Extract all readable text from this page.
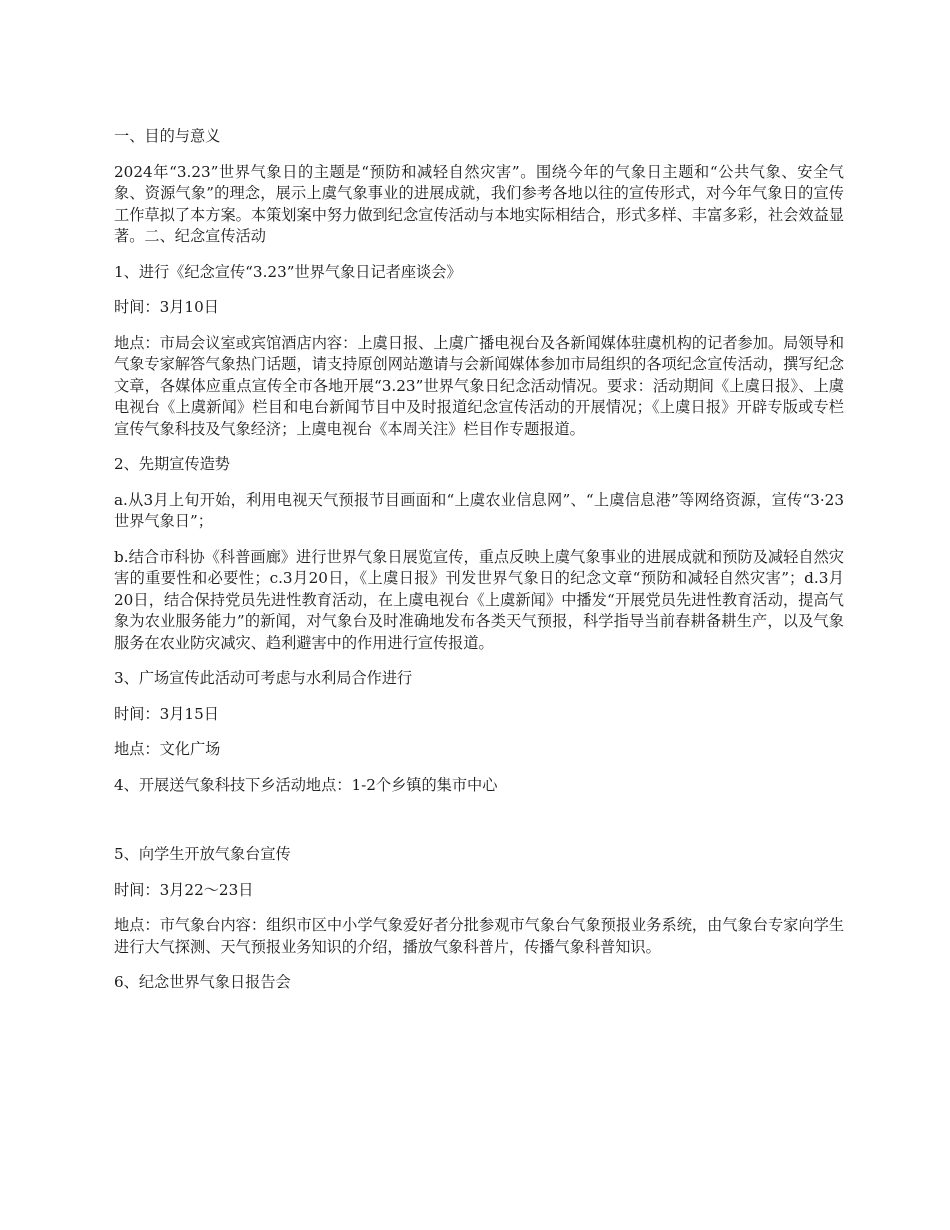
一、目的与意义

2024年“3.23”世界气象日的主题是“预防和减轻自然灾害”。围绕今年的气象日主题和“公共气象、安全气象、资源气象”的理念，展示上虞气象事业的进展成就，我们参考各地以往的宣传形式，对今年气象日的宣传工作草拟了本方案。本策划案中努力做到纪念宣传活动与本地实际相结合，形式多样、丰富多彩，社会效益显著。二、纪念宣传活动

1、进行《纪念宣传“3.23”世界气象日记者座谈会》

时间：3月10日

地点：市局会议室或宾馆酒店内容：上虞日报、上虞广播电视台及各新闻媒体驻虞机构的记者参加。局领导和气象专家解答气象热门话题，请支持原创网站邀请与会新闻媒体参加市局组织的各项纪念宣传活动，撰写纪念文章，各媒体应重点宣传全市各地开展“3.23”世界气象日纪念活动情况。要求：活动期间《上虞日报》、上虞电视台《上虞新闻》栏目和电台新闻节目中及时报道纪念宣传活动的开展情况；《上虞日报》开辟专版或专栏宣传气象科技及气象经济；上虞电视台《本周关注》栏目作专题报道。

2、先期宣传造势

a.从3月上旬开始，利用电视天气预报节目画面和“上虞农业信息网”、“上虞信息港”等网络资源，宣传“3·23世界气象日”；

b.结合市科协《科普画廊》进行世界气象日展览宣传，重点反映上虞气象事业的进展成就和预防及减轻自然灾害的重要性和必要性；c.3月20日，《上虞日报》刊发世界气象日的纪念文章“预防和减轻自然灾害”；d.3月20日，结合保持党员先进性教育活动，在上虞电视台《上虞新闻》中播发“开展党员先进性教育活动，提高气象为农业服务能力”的新闻，对气象台及时准确地发布各类天气预报，科学指导当前春耕备耕生产，以及气象服务在农业防灾减灾、趋利避害中的作用进行宣传报道。

3、广场宣传此活动可考虑与水利局合作进行

时间：3月15日

地点：文化广场

4、开展送气象科技下乡活动地点：1-2个乡镇的集市中心

5、向学生开放气象台宣传

时间：3月22～23日

地点：市气象台内容：组织市区中小学气象爱好者分批参观市气象台气象预报业务系统，由气象台专家向学生进行大气探测、天气预报业务知识的介绍，播放气象科普片，传播气象科普知识。

6、纪念世界气象日报告会
